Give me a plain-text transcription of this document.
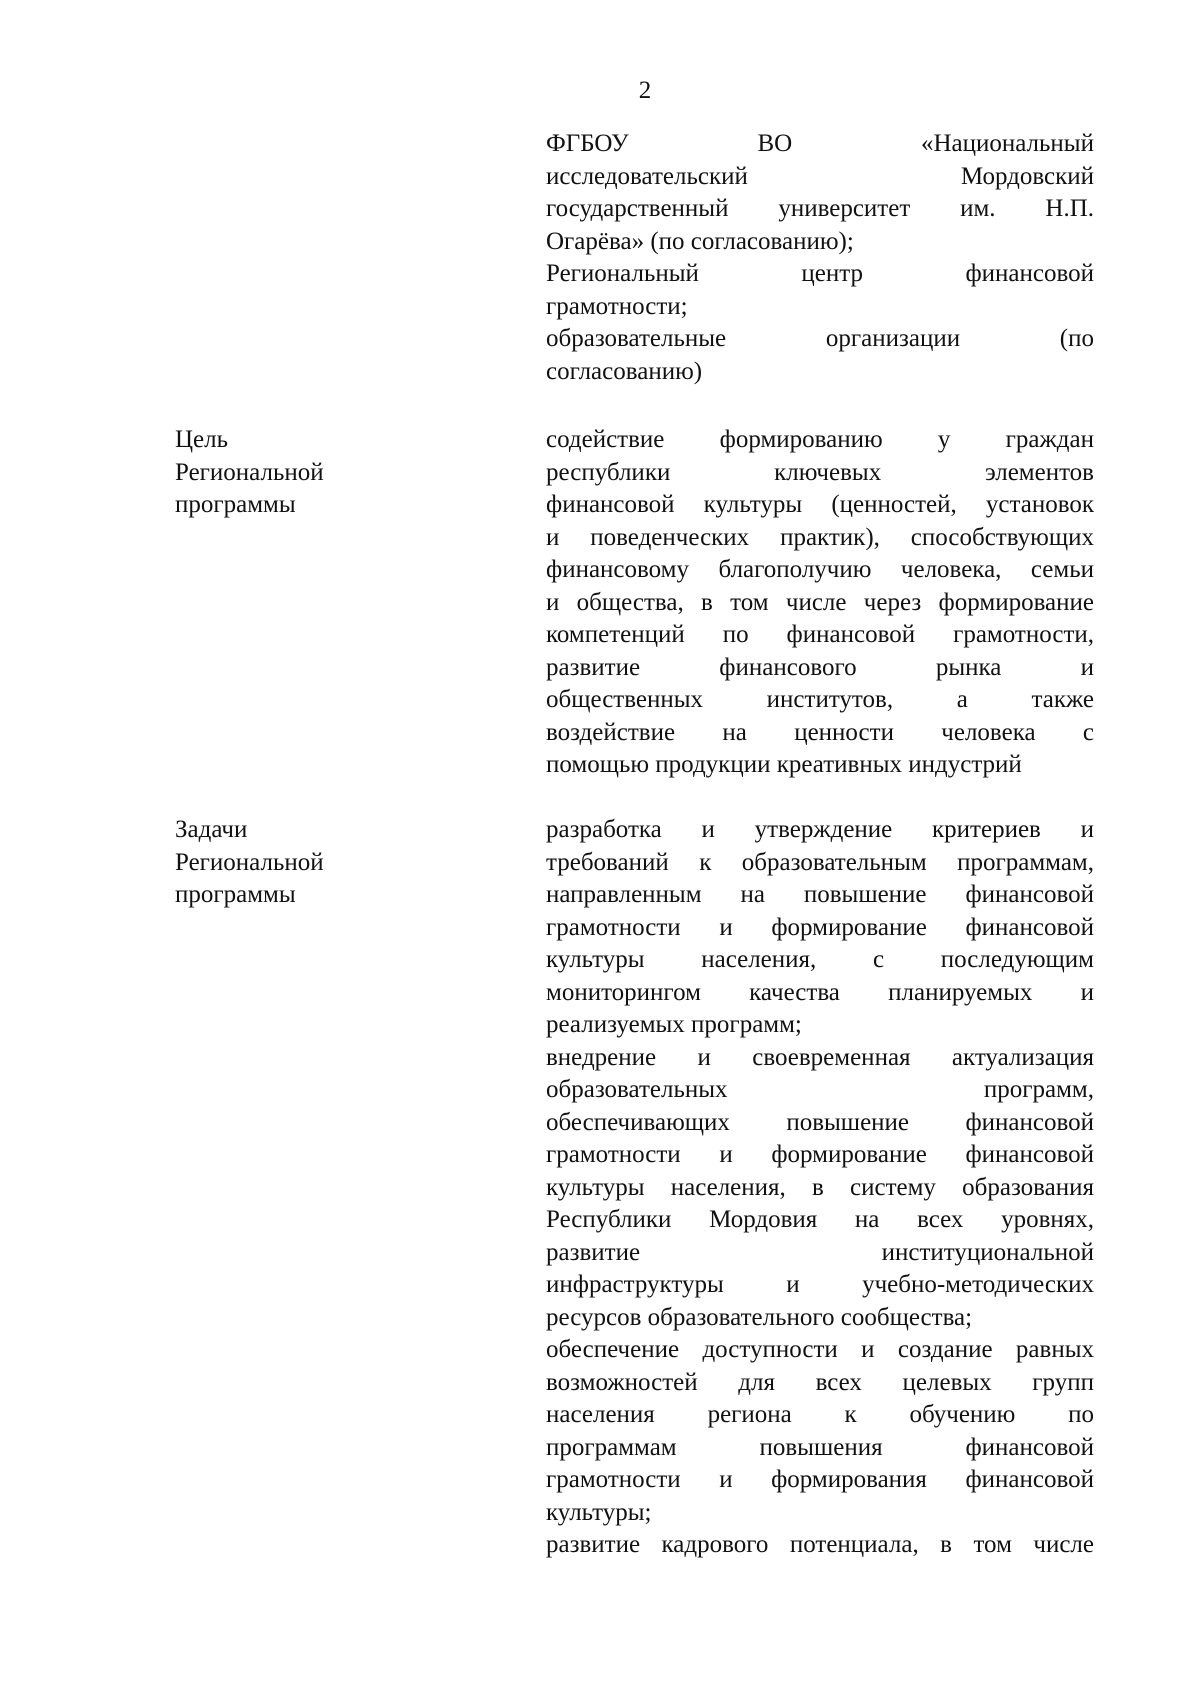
2
ФГБОУ ВО «Национальный
исследовательский Мордовский
государственный университет им. Н.П.
Огарёва» (по согласованию);
Региональный центр финансовой
грамотности;
образовательные организации (по
согласованию)
Цель
Региональной
программы
содействие формированию у граждан
республики ключевых элементов
финансовой культуры (ценностей, установок
и поведенческих практик), способствующих
финансовому благополучию человека, семьи
и общества, в том числе через формирование
компетенций по финансовой грамотности,
развитие финансового рынка и
общественных институтов, а также
воздействие на ценности человека с
помощью продукции креативных индустрий
Задачи
Региональной
программы
разработка и утверждение критериев и
требований к образовательным программам,
направленным на повышение финансовой
грамотности и формирование финансовой
культуры населения, с последующим
мониторингом качества планируемых и
реализуемых программ;
внедрение и своевременная актуализация
образовательных программ,
обеспечивающих повышение финансовой
грамотности и формирование финансовой
культуры населения, в систему образования
Республики Мордовия на всех уровнях,
развитие институциональной
инфраструктуры и учебно-методических
ресурсов образовательного сообщества;
обеспечение доступности и создание равных
возможностей для всех целевых групп
населения региона к обучению по
программам повышения финансовой
грамотности и формирования финансовой
культуры;
развитие кадрового потенциала, в том числе
